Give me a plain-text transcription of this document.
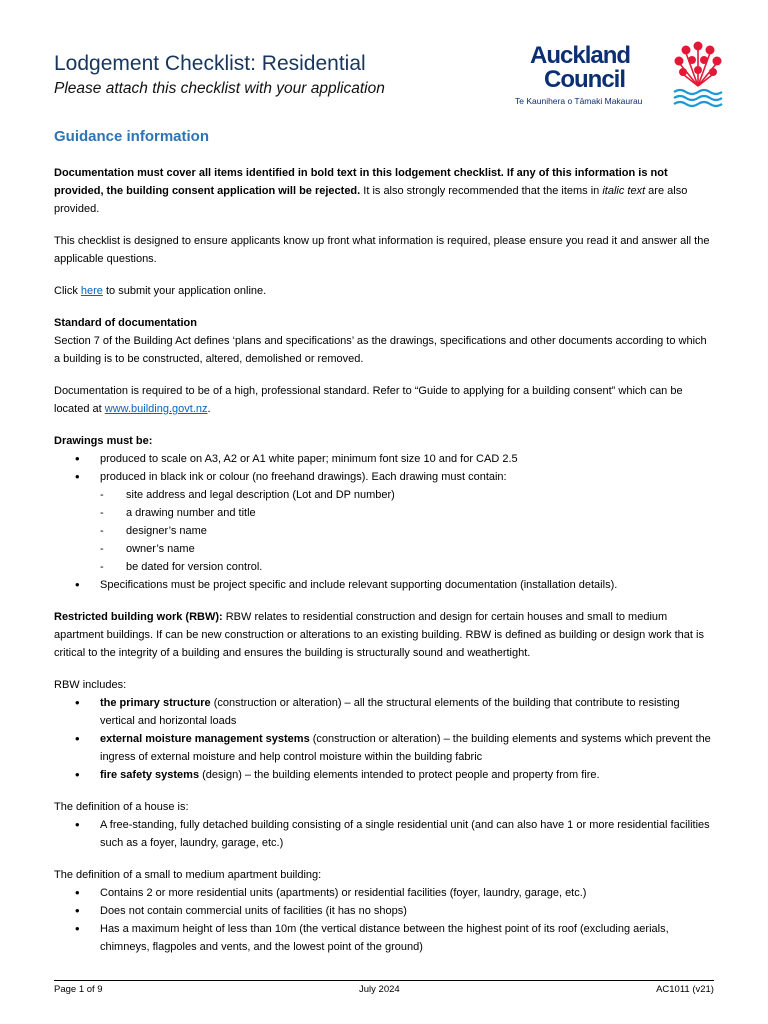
Lodgement Checklist: Residential

Please attach this checklist with your application

Auckland
Council
Te Kaunihera o Tāmaki Makaurau
Guidance information

Documentation must cover all items identified in bold text in this lodgement checklist. If any of this information is not provided, the building consent application will be rejected. It is also strongly recommended that the items in italic text are also provided.

This checklist is designed to ensure applicants know up front what information is required, please ensure you read it and answer all the applicable questions.

Click here to submit your application online.

Standard of documentation
Section 7 of the Building Act defines ‘plans and specifications’ as the drawings, specifications and other documents according to which a building is to be constructed, altered, demolished or removed.

Documentation is required to be of a high, professional standard. Refer to “Guide to applying for a building consent” which can be located at www.building.govt.nz.

Drawings must be:

• produced to scale on A3, A2 or A1 white paper; minimum font size 10 and for CAD 2.5
• produced in black ink or colour (no freehand drawings). Each drawing must contain:
- site address and legal description (Lot and DP number)
- a drawing number and title
- designer’s name
- owner’s name
- be dated for version control.
• Specifications must be project specific and include relevant supporting documentation (installation details).

Restricted building work (RBW): RBW relates to residential construction and design for certain houses and small to medium apartment buildings. If can be new construction or alterations to an existing building. RBW is defined as building or design work that is critical to the integrity of a building and ensures the building is structurally sound and weathertight.

RBW includes:

• the primary structure (construction or alteration) – all the structural elements of the building that contribute to resisting vertical and horizontal loads
• external moisture management systems (construction or alteration) – the building elements and systems which prevent the ingress of external moisture and help control moisture within the building fabric
• fire safety systems (design) – the building elements intended to protect people and property from fire.

The definition of a house is:

• A free-standing, fully detached building consisting of a single residential unit (and can also have 1 or more residential facilities such as a foyer, laundry, garage, etc.)

The definition of a small to medium apartment building:

• Contains 2 or more residential units (apartments) or residential facilities (foyer, laundry, garage, etc.)
• Does not contain commercial units of facilities (it has no shops)
• Has a maximum height of less than 10m (the vertical distance between the highest point of its roof (excluding aerials, chimneys, flagpoles and vents, and the lowest point of the ground)
Page 1 of 9	July 2024	AC1011 (v21)
